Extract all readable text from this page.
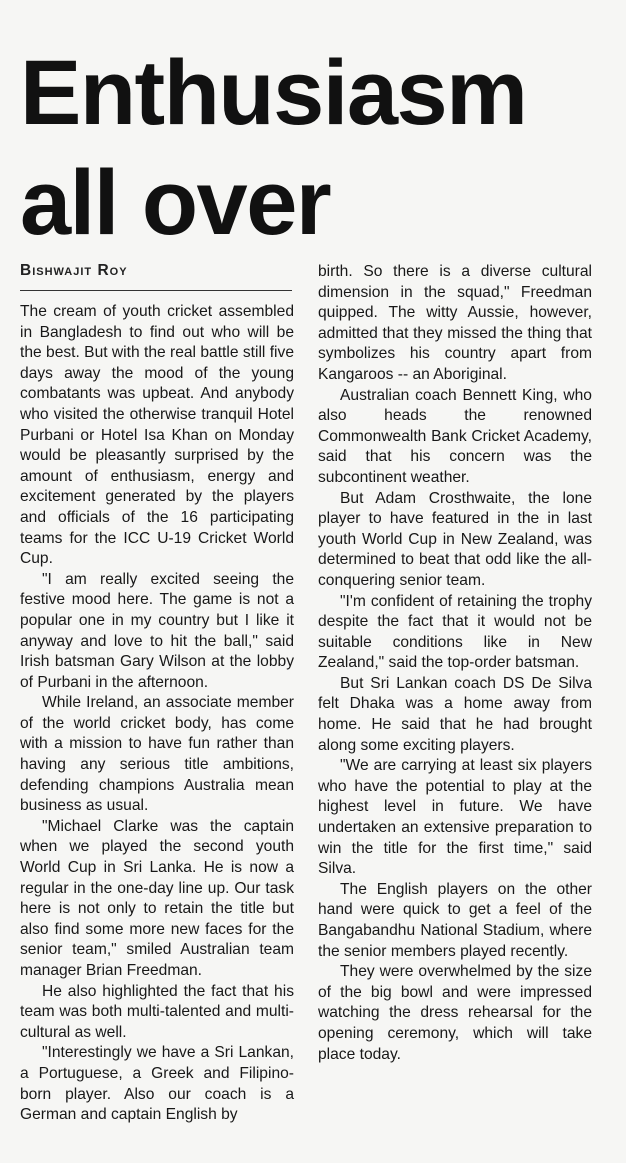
Enthusiasm
all over
Bishwajit Roy

The cream of youth cricket assembled in Bangladesh to find out who will be the best. But with the real battle still five days away the mood of the young combatants was upbeat. And anybody who visited the otherwise tranquil Hotel Purbani or Hotel Isa Khan on Monday would be pleasantly surprised by the amount of enthusiasm, energy and excitement generated by the players and officials of the 16 participating teams for the ICC U-19 Cricket World Cup.

"I am really excited seeing the festive mood here. The game is not a popular one in my country but I like it anyway and love to hit the ball," said Irish batsman Gary Wilson at the lobby of Purbani in the afternoon.

While Ireland, an associate member of the world cricket body, has come with a mission to have fun rather than having any serious title ambitions, defending champions Australia mean business as usual.

"Michael Clarke was the captain when we played the second youth World Cup in Sri Lanka. He is now a regular in the one-day line up. Our task here is not only to retain the title but also find some more new faces for the senior team," smiled Australian team manager Brian Freedman.

He also highlighted the fact that his team was both multi-talented and multi-cultural as well.

"Interestingly we have a Sri Lankan, a Portuguese, a Greek and Filipino-born player. Also our coach is a German and captain English by

birth. So there is a diverse cultural dimension in the squad," Freedman quipped. The witty Aussie, however, admitted that they missed the thing that symbolizes his country apart from Kangaroos -- an Aboriginal.

Australian coach Bennett King, who also heads the renowned Commonwealth Bank Cricket Academy, said that his concern was the subcontinent weather.

But Adam Crosthwaite, the lone player to have featured in the in last youth World Cup in New Zealand, was determined to beat that odd like the all-conquering senior team.

"I'm confident of retaining the trophy despite the fact that it would not be suitable conditions like in New Zealand," said the top-order batsman.

But Sri Lankan coach DS De Silva felt Dhaka was a home away from home. He said that he had brought along some exciting players.

"We are carrying at least six players who have the potential to play at the highest level in future. We have undertaken an extensive preparation to win the title for the first time," said Silva.

The English players on the other hand were quick to get a feel of the Bangabandhu National Stadium, where the senior members played recently.

They were overwhelmed by the size of the big bowl and were impressed watching the dress rehearsal for the opening ceremony, which will take place today.
